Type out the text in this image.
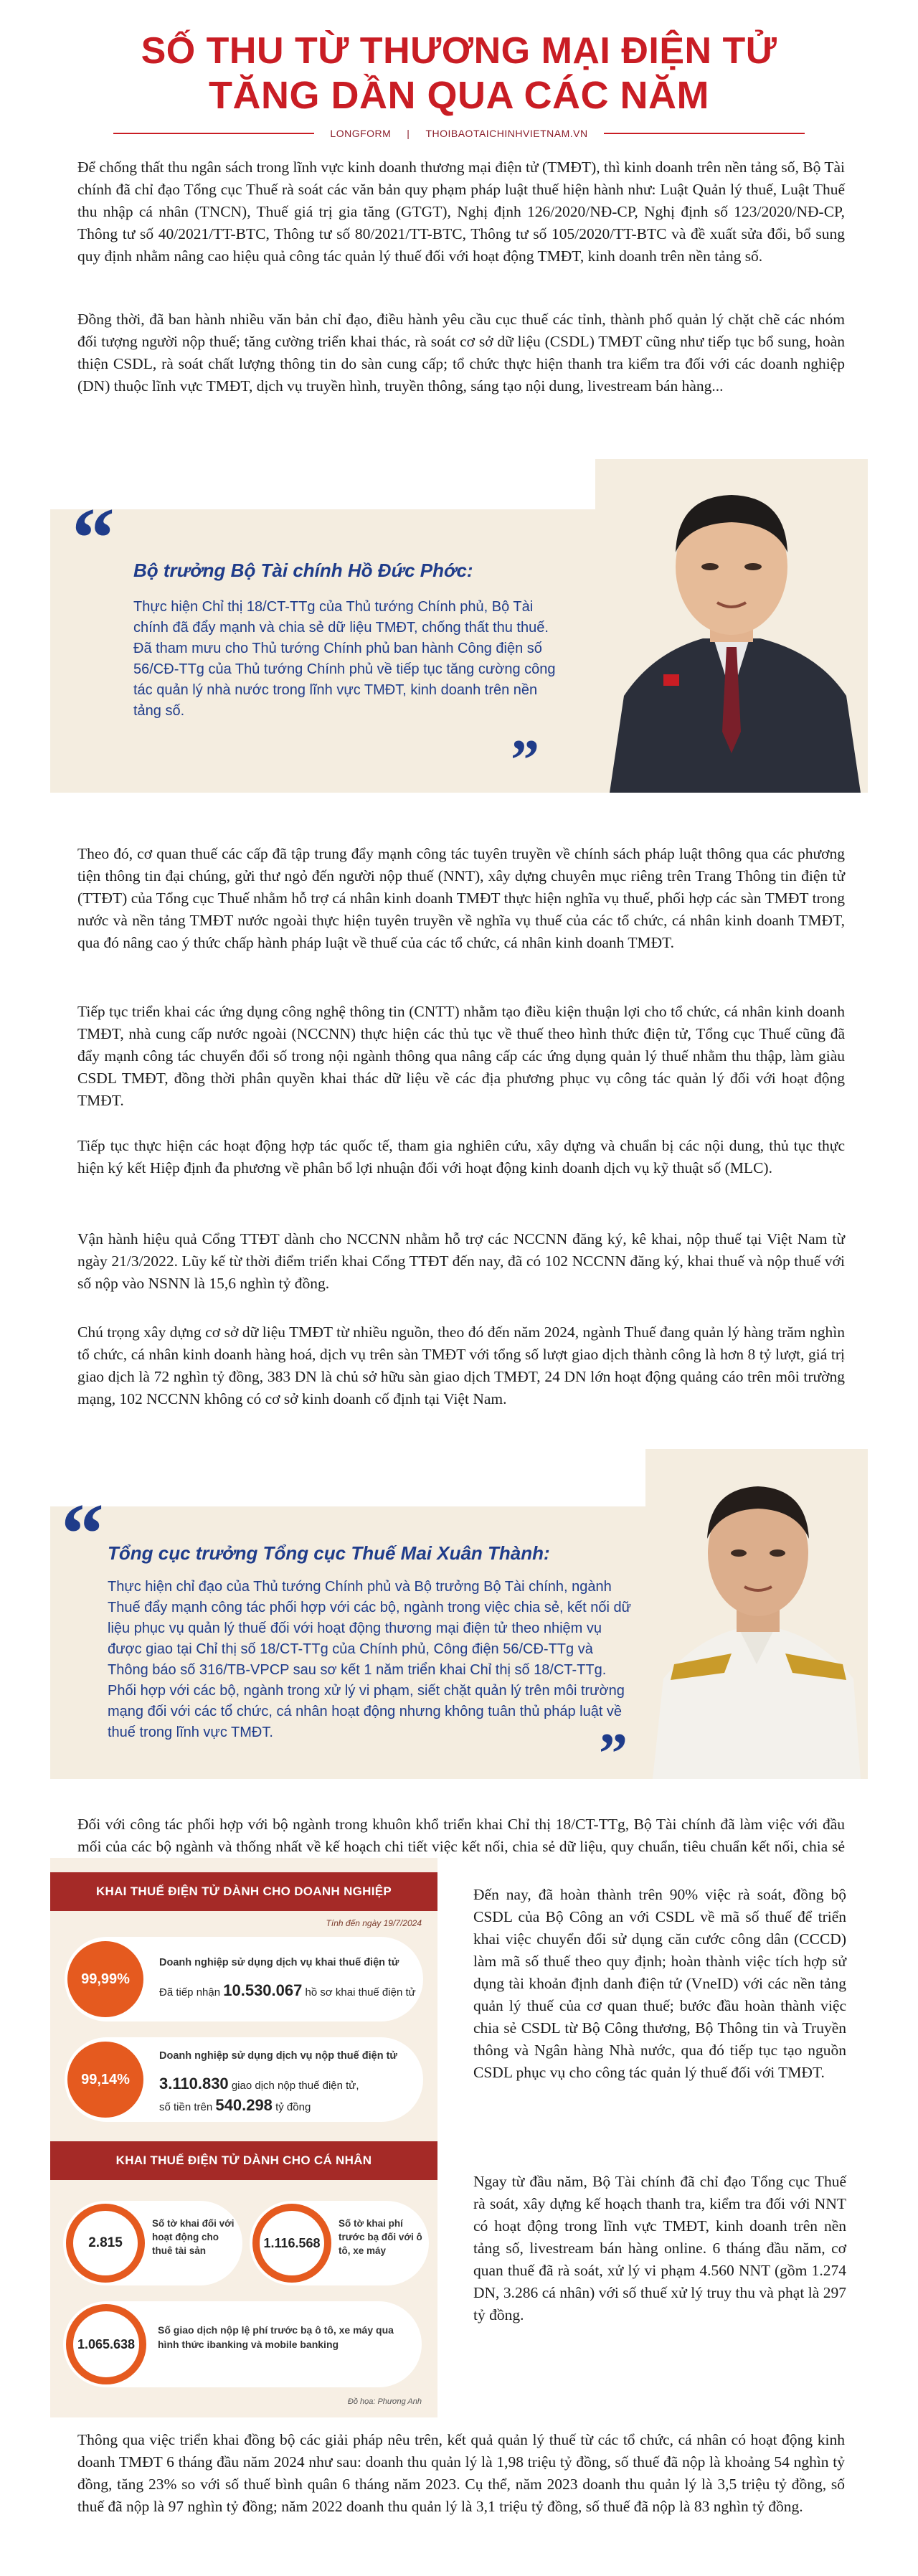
SỐ THU TỪ THƯƠNG MẠI ĐIỆN TỬ
TĂNG DẦN QUA CÁC NĂM
LONGFORM | THOIBAOTAICHINHVIETNAM.VN

Để chống thất thu ngân sách trong lĩnh vực kinh doanh thương mại điện tử (TMĐT), thì kinh doanh trên nền tảng số, Bộ Tài chính đã chỉ đạo Tổng cục Thuế rà soát các văn bản quy phạm pháp luật thuế hiện hành như: Luật Quản lý thuế, Luật Thuế thu nhập cá nhân (TNCN), Thuế giá trị gia tăng (GTGT), Nghị định 126/2020/NĐ-CP, Nghị định số 123/2020/NĐ-CP, Thông tư số 40/2021/TT-BTC, Thông tư số 80/2021/TT-BTC, Thông tư số 105/2020/TT-BTC và đề xuất sửa đổi, bổ sung quy định nhằm nâng cao hiệu quả công tác quản lý thuế đối với hoạt động TMĐT, kinh doanh trên nền tảng số.

Đồng thời, đã ban hành nhiều văn bản chỉ đạo, điều hành yêu cầu cục thuế các tỉnh, thành phố quản lý chặt chẽ các nhóm đối tượng người nộp thuế; tăng cường triển khai thác, rà soát cơ sở dữ liệu (CSDL) TMĐT cũng như tiếp tục bổ sung, hoàn thiện CSDL, rà soát chất lượng thông tin do sàn cung cấp; tổ chức thực hiện thanh tra kiểm tra đối với các doanh nghiệp (DN) thuộc lĩnh vực TMĐT, dịch vụ truyền hình, truyền thông, sáng tạo nội dung, livestream bán hàng...

“ Bộ trưởng Bộ Tài chính Hồ Đức Phớc:
Thực hiện Chỉ thị 18/CT-TTg của Thủ tướng Chính phủ, Bộ Tài chính đã đẩy mạnh và chia sẻ dữ liệu TMĐT, chống thất thu thuế. Đã tham mưu cho Thủ tướng Chính phủ ban hành Công điện số 56/CĐ-TTg của Thủ tướng Chính phủ về tiếp tục tăng cường công tác quản lý nhà nước trong lĩnh vực TMĐT, kinh doanh trên nền tảng số.
”

Theo đó, cơ quan thuế các cấp đã tập trung đẩy mạnh công tác tuyên truyền về chính sách pháp luật thông qua các phương tiện thông tin đại chúng, gửi thư ngỏ đến người nộp thuế (NNT), xây dựng chuyên mục riêng trên Trang Thông tin điện tử (TTĐT) của Tổng cục Thuế nhằm hỗ trợ cá nhân kinh doanh TMĐT thực hiện nghĩa vụ thuế, phối hợp các sàn TMĐT trong nước và nền tảng TMĐT nước ngoài thực hiện tuyên truyền về nghĩa vụ thuế của các tổ chức, cá nhân kinh doanh TMĐT, qua đó nâng cao ý thức chấp hành pháp luật về thuế của các tổ chức, cá nhân kinh doanh TMĐT.

Tiếp tục triển khai các ứng dụng công nghệ thông tin (CNTT) nhằm tạo điều kiện thuận lợi cho tổ chức, cá nhân kinh doanh TMĐT, nhà cung cấp nước ngoài (NCCNN) thực hiện các thủ tục về thuế theo hình thức điện tử, Tổng cục Thuế cũng đã đẩy mạnh công tác chuyển đổi số trong nội ngành thông qua nâng cấp các ứng dụng quản lý thuế nhằm thu thập, làm giàu CSDL TMĐT, đồng thời phân quyền khai thác dữ liệu về các địa phương phục vụ công tác quản lý đối với hoạt động TMĐT.

Tiếp tục thực hiện các hoạt động hợp tác quốc tế, tham gia nghiên cứu, xây dựng và chuẩn bị các nội dung, thủ tục thực hiện ký kết Hiệp định đa phương về phân bổ lợi nhuận đối với hoạt động kinh doanh dịch vụ kỹ thuật số (MLC).

Vận hành hiệu quả Cổng TTĐT dành cho NCCNN nhằm hỗ trợ các NCCNN đăng ký, kê khai, nộp thuế tại Việt Nam từ ngày 21/3/2022. Lũy kế từ thời điểm triển khai Cổng TTĐT đến nay, đã có 102 NCCNN đăng ký, khai thuế và nộp thuế với số nộp vào NSNN là 15,6 nghìn tỷ đồng.

Chú trọng xây dựng cơ sở dữ liệu TMĐT từ nhiều nguồn, theo đó đến năm 2024, ngành Thuế đang quản lý hàng trăm nghìn tổ chức, cá nhân kinh doanh hàng hoá, dịch vụ trên sàn TMĐT với tổng số lượt giao dịch thành công là hơn 8 tỷ lượt, giá trị giao dịch là 72 nghìn tỷ đồng, 383 DN là chủ sở hữu sàn giao dịch TMĐT, 24 DN lớn hoạt động quảng cáo trên môi trường mạng, 102 NCCNN không có cơ sở kinh doanh cố định tại Việt Nam.

“ Tổng cục trưởng Tổng cục Thuế Mai Xuân Thành:
Thực hiện chỉ đạo của Thủ tướng Chính phủ và Bộ trưởng Bộ Tài chính, ngành Thuế đẩy mạnh công tác phối hợp với các bộ, ngành trong việc chia sẻ, kết nối dữ liệu phục vụ quản lý thuế đối với hoạt động thương mại điện tử theo nhiệm vụ được giao tại Chỉ thị số 18/CT-TTg của Chính phủ, Công điện 56/CĐ-TTg và Thông báo số 316/TB-VPCP sau sơ kết 1 năm triển khai Chỉ thị số 18/CT-TTg. Phối hợp với các bộ, ngành trong xử lý vi phạm, siết chặt quản lý trên môi trường mạng đối với các tổ chức, cá nhân hoạt động nhưng không tuân thủ pháp luật về thuế trong lĩnh vực TMĐT.	”

Đối với công tác phối hợp với bộ ngành trong khuôn khổ triển khai Chỉ thị 18/CT-TTg, Bộ Tài chính đã làm việc với đầu mối của các bộ ngành và thống nhất về kế hoạch chi tiết việc kết nối, chia sẻ dữ liệu, quy chuẩn, tiêu chuẩn kết nối, chia sẻ

KHAI THUẾ ĐIỆN TỬ DÀNH CHO DOANH NGHIỆP
Tính đến ngày 19/7/2024
99,99%
Doanh nghiệp sử dụng dịch vụ khai thuế điện tử
Đã tiếp nhận 10.530.067 hồ sơ khai thuế điện tử
99,14%
Doanh nghiệp sử dụng dịch vụ nộp thuế điện tử
3.110.830 giao dịch nộp thuế điện tử,
số tiền trên 540.298 tỷ đồng
KHAI THUẾ ĐIỆN TỬ DÀNH CHO CÁ NHÂN
2.815
Số tờ khai đối với hoạt động cho thuê tài sản
1.116.568
Số tờ khai phí trước bạ đối với ô tô, xe máy
1.065.638
Số giao dịch nộp lệ phí trước bạ ô tô, xe máy qua hình thức ibanking và mobile banking
Đồ họa: Phương Anh

Đến nay, đã hoàn thành trên 90% việc rà soát, đồng bộ CSDL của Bộ Công an với CSDL về mã số thuế để triển khai việc chuyển đổi sử dụng căn cước công dân (CCCD) làm mã số thuế theo quy định; hoàn thành việc tích hợp sử dụng tài khoản định danh điện tử (VneID) với các nền tảng quản lý thuế của cơ quan thuế; bước đầu hoàn thành việc chia sẻ CSDL từ Bộ Công thương, Bộ Thông tin và Truyền thông và Ngân hàng Nhà nước, qua đó tiếp tục tạo nguồn CSDL phục vụ cho công tác quản lý thuế đối với TMĐT.

Ngay từ đầu năm, Bộ Tài chính đã chỉ đạo Tổng cục Thuế rà soát, xây dựng kế hoạch thanh tra, kiểm tra đối với NNT có hoạt động trong lĩnh vực TMĐT, kinh doanh trên nền tảng số, livestream bán hàng online. 6 tháng đầu năm, cơ quan thuế đã rà soát, xử lý vi phạm 4.560 NNT (gồm 1.274 DN, 3.286 cá nhân) với số thuế xử lý truy thu và phạt là 297 tỷ đồng.

Thông qua việc triển khai đồng bộ các giải pháp nêu trên, kết quả quản lý thuế từ các tổ chức, cá nhân có hoạt động kinh doanh TMĐT 6 tháng đầu năm 2024 như sau: doanh thu quản lý là 1,98 triệu tỷ đồng, số thuế đã nộp là khoảng 54 nghìn tỷ đồng, tăng 23% so với số thuế bình quân 6 tháng năm 2023. Cụ thể, năm 2023 doanh thu quản lý là 3,5 triệu tỷ đồng, số thuế đã nộp là 97 nghìn tỷ đồng; năm 2022 doanh thu quản lý là 3,1 triệu tỷ đồng, số thuế đã nộp là 83 nghìn tỷ đồng.
